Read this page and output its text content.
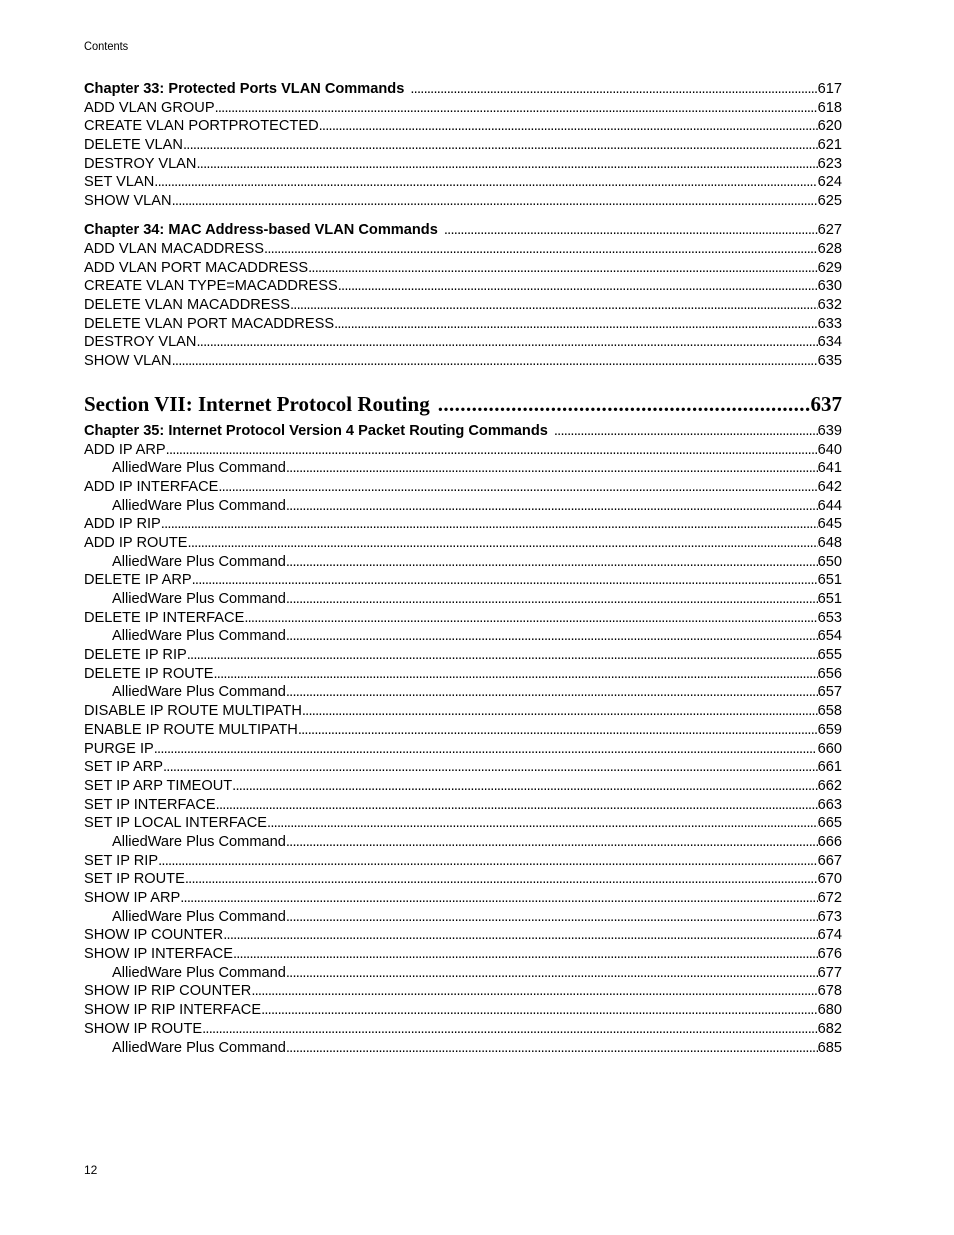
Contents
Chapter 33: Protected Ports VLAN Commands . . .	617
ADD VLAN GROUP . . .	618
CREATE VLAN PORTPROTECTED . . .	620
DELETE VLAN . . .	621
DESTROY VLAN . . .	623
SET VLAN . . .	624
SHOW VLAN . . .	625
Chapter 34: MAC Address-based VLAN Commands . . .	627
ADD VLAN MACADDRESS . . .	628
ADD VLAN PORT MACADDRESS . . .	629
CREATE VLAN TYPE=MACADDRESS . . .	630
DELETE VLAN MACADDRESS . . .	632
DELETE VLAN PORT MACADDRESS . . .	633
DESTROY VLAN . . .	634
SHOW VLAN . . .	635
Section VII: Internet Protocol Routing .....	637
Chapter 35: Internet Protocol Version 4 Packet Routing Commands . . .	639
ADD IP ARP . . .	640
AlliedWare Plus Command . . .	641
ADD IP INTERFACE . . .	642
AlliedWare Plus Command . . .	644
ADD IP RIP . . .	645
ADD IP ROUTE . . .	648
AlliedWare Plus Command . . .	650
DELETE IP ARP . . .	651
AlliedWare Plus Command . . .	651
DELETE IP INTERFACE . . .	653
AlliedWare Plus Command . . .	654
DELETE IP RIP . . .	655
DELETE IP ROUTE . . .	656
AlliedWare Plus Command . . .	657
DISABLE IP ROUTE MULTIPATH . . .	658
ENABLE IP ROUTE MULTIPATH . . .	659
PURGE IP . . .	660
SET IP ARP . . .	661
SET IP ARP TIMEOUT . . .	662
SET IP INTERFACE . . .	663
SET IP LOCAL INTERFACE . . .	665
AlliedWare Plus Command . . .	666
SET IP RIP . . .	667
SET IP ROUTE . . .	670
SHOW IP ARP . . .	672
AlliedWare Plus Command . . .	673
SHOW IP COUNTER . . .	674
SHOW IP INTERFACE . . .	676
AlliedWare Plus Command . . .	677
SHOW IP RIP COUNTER . . .	678
SHOW IP RIP INTERFACE . . .	680
SHOW IP ROUTE . . .	682
AlliedWare Plus Command . . .	685
12
